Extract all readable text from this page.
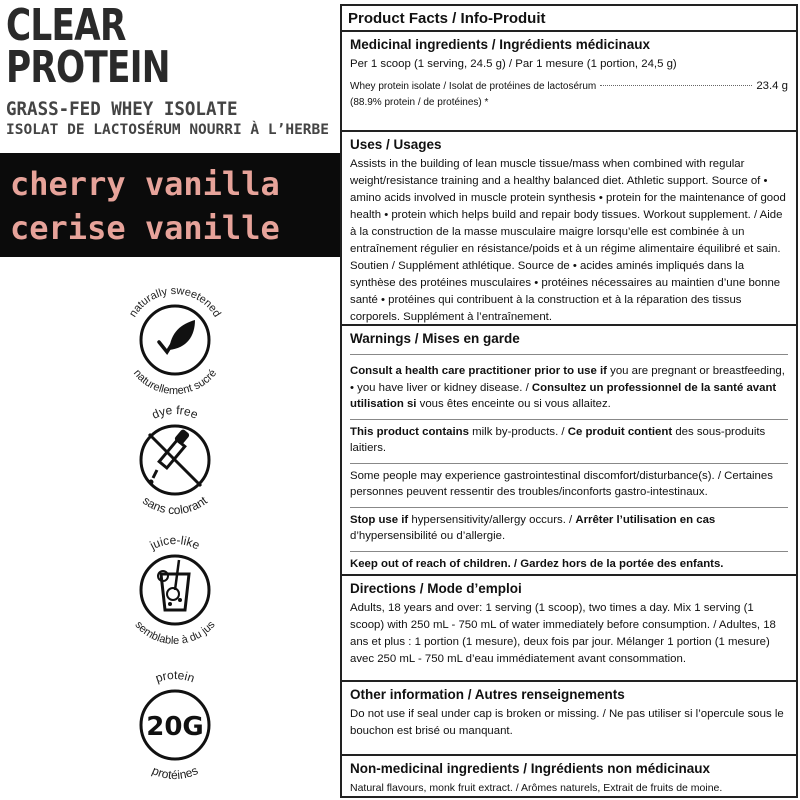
CLEAR
PROTEIN
GRASS-FED WHEY ISOLATE
ISOLAT DE LACTOSÉRUM NOURRI À L’HERBE
cherry vanilla
cerise vanille
naturally sweetened
naturellement sucré
dye free
sans colorant
juice-like
semblable à du jus
protein
protéines
20G
Product Facts / Info-Produit
Medicinal ingredients / Ingrédients médicinaux
Per 1 scoop (1 serving, 24.5 g) / Par 1 mesure (1 portion, 24,5 g)
Whey protein isolate / Isolat de protéines de lactosérum	23.4 g
(88.9% protein / de protéines) *
Uses / Usages
Assists in the building of lean muscle tissue/mass when combined with regular weight/resistance training and a healthy balanced diet. Athletic support. Source of • amino acids involved in muscle protein synthesis • protein for the maintenance of good health • protein which helps build and repair body tissues. Workout supplement. / Aide à la construction de la masse musculaire maigre lorsqu’elle est combinée à un entraînement régulier en résistance/poids et à un régime alimentaire équilibré et sain. Soutien / Supplément athlétique. Source de • acides aminés impliqués dans la synthèse des protéines musculaires • protéines nécessaires au maintien d’une bonne santé • protéines qui contribuent à la construction et à la réparation des tissus corporels. Supplément à l’entraînement.
Warnings / Mises en garde
Consult a health care practitioner prior to use if you are pregnant or breastfeeding, • you have liver or kidney disease. / Consultez un professionnel de la santé avant utilisation si vous êtes enceinte ou si vous allaitez.
This product contains milk by-products. / Ce produit contient des sous-produits laitiers.
Some people may experience gastrointestinal discomfort/disturbance(s). / Certaines personnes peuvent ressentir des troubles/inconforts gastro-intestinaux.
Stop use if hypersensitivity/allergy occurs. / Arrêter l’utilisation en cas d’hypersensibilité ou d’allergie.
Keep out of reach of children. / Gardez hors de la portée des enfants.
Directions / Mode d’emploi
Adults, 18 years and over: 1 serving (1 scoop), two times a day. Mix 1 serving (1 scoop) with 250 mL - 750 mL of water immediately before consumption. / Adultes, 18 ans et plus : 1 portion (1 mesure), deux fois par jour. Mélanger 1 portion (1 mesure) avec 250 mL - 750 mL d’eau immédiatement avant consommation.
Other information / Autres renseignements
Do not use if seal under cap is broken or missing. / Ne pas utiliser si l’opercule sous le bouchon est brisé ou manquant.
Non-medicinal ingredients / Ingrédients non médicinaux
Natural flavours, monk fruit extract. / Arômes naturels, Extrait de fruits de moine.
